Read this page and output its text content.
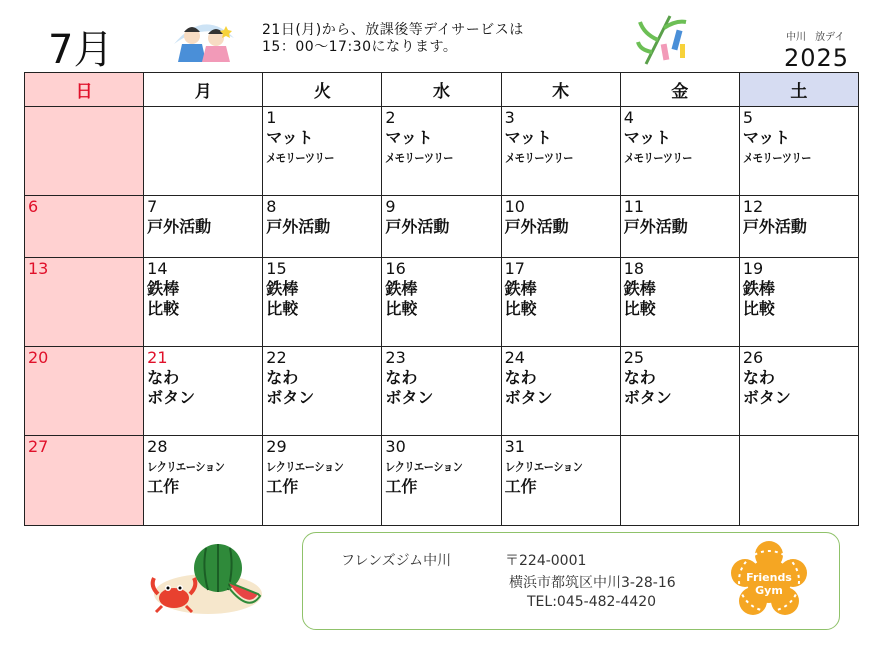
7月	21日(月)から、放課後等デイサービスは
15：00～17:30になります。
中川 放デイ
2025
日	月	火	水	木	金	土

		1
マット
メモリーツリー	2
マット
メモリーツリー	3
マット
メモリーツリー	4
マット
メモリーツリー	5
マット
メモリーツリー

6	7
戸外活動	8
戸外活動	9
戸外活動	10
戸外活動	11
戸外活動	12
戸外活動

13	14
鉄棒
比較	15
鉄棒
比較	16
鉄棒
比較	17
鉄棒
比較	18
鉄棒
比較	19
鉄棒
比較

20	21
なわ
ボタン	22
なわ
ボタン	23
なわ
ボタン	24
なわ
ボタン	25
なわ
ボタン	26
なわ
ボタン

27	28
レクリエーション
工作	29
レクリエーション
工作	30
レクリエーション
工作	31
レクリエーション
工作		

フレンズジム中川	〒224-0001
横浜市都筑区中川3-28-16
TEL:045-482-4420
Friends
Gym
